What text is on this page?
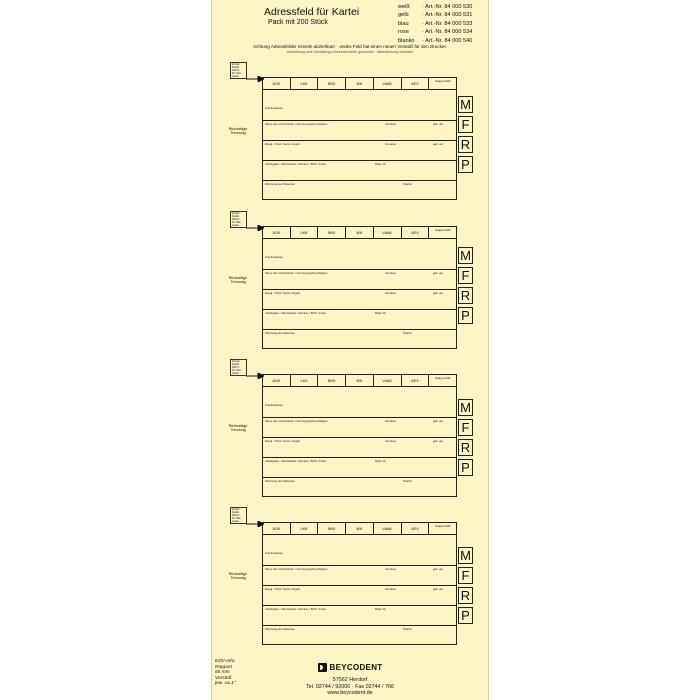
Adressfeld für Kartei
Pack mit 200 Stück
weiß	· Art.-Nr. 84 000 530
gelb	· Art.-Nr. 84 000 531
blau	· Art.-Nr. 84 000 533
rose	· Art.-Nr. 84 000 534
blanko	· Art.-Nr. 84 000 540
Achtung Adressfelder einzeln abziehbar! · Jedes Feld hat einen neuen Vorstoß für den Drucker.
Ausführung und Gestaltung urheberrechtlich geschützt · Nachahmung verboten
Zurück
Duplik.
Zahl in
Ktr. bitte
wieder
Rückseitige
Trennung
AOK	LKK	BKK	IKK	VdAK	AEV
Knapp-schaft
Krankenkasse
Name des Versicherten / Versorgungsberechtigten	Vorname	geb. am
Ehegl. / Kind / Sonst. Angeh.	Vorname	geb. am
Arbeitgeber / Dienststelle / Rentner / BVG / Freiw.	Mitgl.-Nr.
Wohnung des Patienten	Telefon
M
F
R
P
Zurück
Duplik.
Zahl in
Ktr. bitte
wieder
Rückseitige
Trennung
AOK	LKK	BKK	IKK	VdAK	AEV
Knapp-schaft
Krankenkasse
Name des Versicherten / Versorgungsberechtigten	Vorname	geb. am
Ehegl. / Kind / Sonst. Angeh.	Vorname	geb. am
Arbeitgeber / Dienststelle / Rentner / BVG / Freiw.	Mitgl.-Nr.
Wohnung des Patienten	Telefon
M
F
R
P
Zurück
Duplik.
Zahl in
Ktr. bitte
wieder
Rückseitige
Trennung
AOK	LKK	BKK	IKK	VdAK	AEV
Knapp-schaft
Krankenkasse
Name des Versicherten / Versorgungsberechtigten	Vorname	geb. am
Ehegl. / Kind / Sonst. Angeh.	Vorname	geb. am
Arbeitgeber / Dienststelle / Rentner / BVG / Freiw.	Mitgl.-Nr.
Wohnung des Patienten	Telefon
M
F
R
P
Zurück
Duplik.
Zahl in
Ktr. bitte
wieder
Rückseitige
Trennung
AOK	LKK	BKK	IKK	VdAK	AEV
Knapp-schaft
Krankenkasse
Name des Versicherten / Versorgungsberechtigten	Vorname	geb. am
Ehegl. / Kind / Sonst. Angeh.	Vorname	geb. am
Arbeitgeber / Dienststelle / Rentner / BVG / Freiw.	Mitgl.-Nr.
Wohnung des Patienten	Telefon
M
F
R
P
EDV-Info:
Rapport
65 mm
Vorstoß
jew. ca.1"
BEYCODENT
57562 Herdorf
Tel. 02744 / 92000 · Fax 02744 / 766
www.beycodent.de
